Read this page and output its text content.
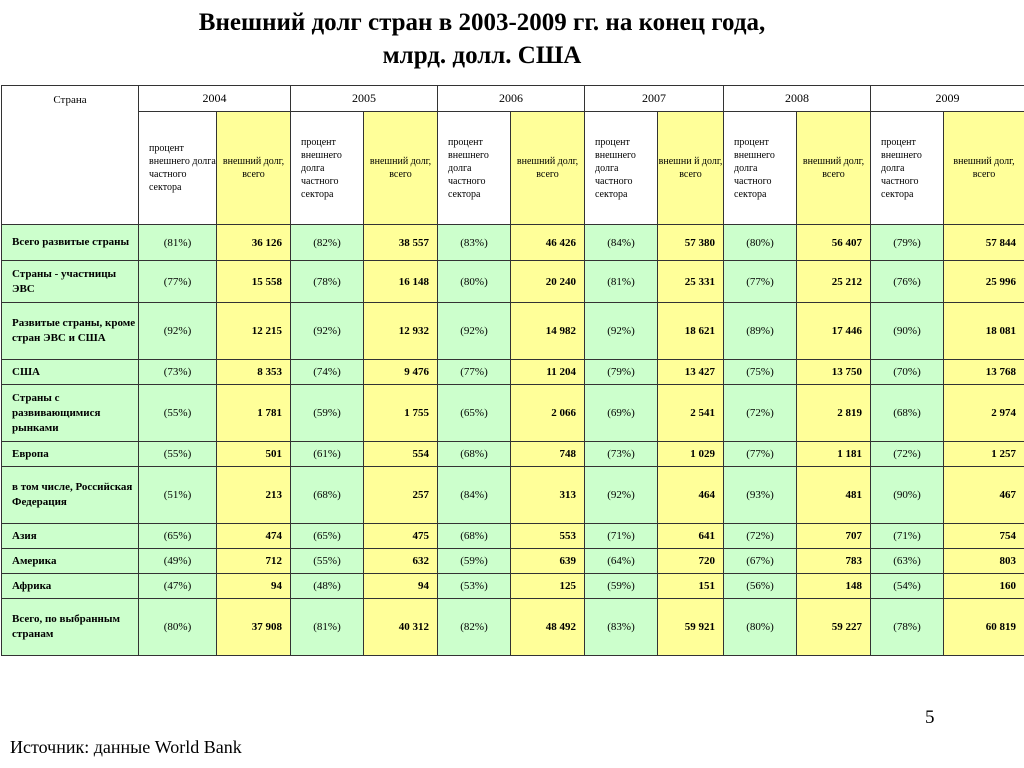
Внешний долг стран в 2003-2009 гг. на конец года,
млрд. долл. США
Страна	2004		2005		2006		2007		2008		2009	
	процент внешнего долга частного сектора	внешний долг, всего	процент внешнего долга частного сектора	внешний долг, всего	процент внешнего долга частного сектора	внешний долг, всего	процент внешнего долга частного сектора	внешни й долг, всего	процент внешнего долга частного сектора	внешний долг, всего	процент внешнего долга частного сектора	внешний долг, всего
Всего развитые страны	(81%)	36 126	(82%)	38 557	(83%)	46 426	(84%)	57 380	(80%)	56 407	(79%)	57 844
Страны - участницы ЭВС	(77%)	15 558	(78%)	16 148	(80%)	20 240	(81%)	25 331	(77%)	25 212	(76%)	25 996
Развитые страны, кроме стран ЭВС и США	(92%)	12 215	(92%)	12 932	(92%)	14 982	(92%)	18 621	(89%)	17 446	(90%)	18 081
США	(73%)	8 353	(74%)	9 476	(77%)	11 204	(79%)	13 427	(75%)	13 750	(70%)	13 768
Страны с развивающимися рынками	(55%)	1 781	(59%)	1 755	(65%)	2 066	(69%)	2 541	(72%)	2 819	(68%)	2 974
Европа	(55%)	501	(61%)	554	(68%)	748	(73%)	1 029	(77%)	1 181	(72%)	1 257
в том числе, Российская Федерация	(51%)	213	(68%)	257	(84%)	313	(92%)	464	(93%)	481	(90%)	467
Азия	(65%)	474	(65%)	475	(68%)	553	(71%)	641	(72%)	707	(71%)	754
Америка	(49%)	712	(55%)	632	(59%)	639	(64%)	720	(67%)	783	(63%)	803
Африка	(47%)	94	(48%)	94	(53%)	125	(59%)	151	(56%)	148	(54%)	160
Всего, по выбранным странам	(80%)	37 908	(81%)	40 312	(82%)	48 492	(83%)	59 921	(80%)	59 227	(78%)	60 819
5
Источник: данные World Bank
